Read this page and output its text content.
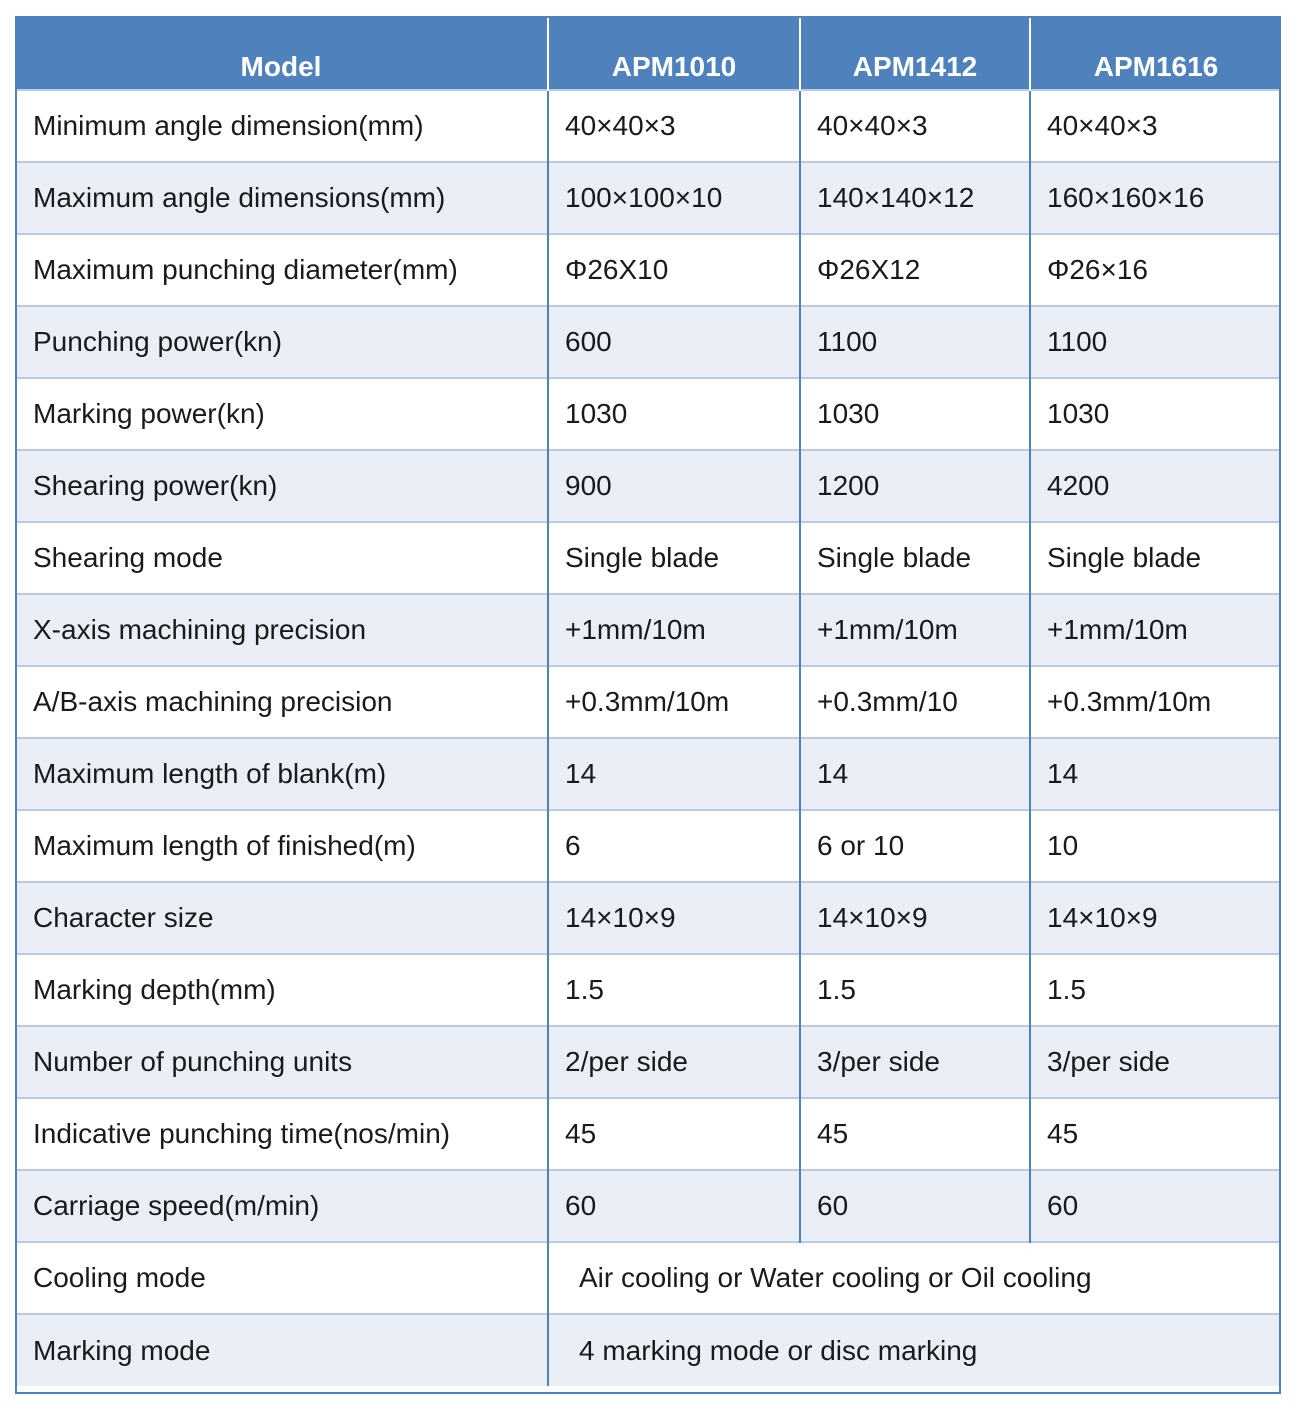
Model	APM1010	APM1412	APM1616
Minimum angle dimension(mm)	40×40×3	40×40×3	40×40×3
Maximum angle dimensions(mm)	100×100×10	140×140×12	160×160×16
Maximum punching diameter(mm)	Φ26X10	Φ26X12	Φ26×16
Punching power(kn)	600	1100	1100
Marking power(kn)	1030	1030	1030
Shearing power(kn)	900	1200	4200
Shearing mode	Single blade	Single blade	Single blade
X-axis machining precision	+1mm/10m	+1mm/10m	+1mm/10m
A/B-axis machining precision	+0.3mm/10m	+0.3mm/10	+0.3mm/10m
Maximum length of blank(m)	14	14	14
Maximum length of finished(m)	6	6 or 10	10
Character size	14×10×9	14×10×9	14×10×9
Marking depth(mm)	1.5	1.5	1.5
Number of punching units	2/per side	3/per side	3/per side
Indicative punching time(nos/min)	45	45	45
Carriage speed(m/min)	60	60	60
Cooling mode	Air cooling or Water cooling or Oil cooling		
Marking mode	4 marking mode or disc marking		
